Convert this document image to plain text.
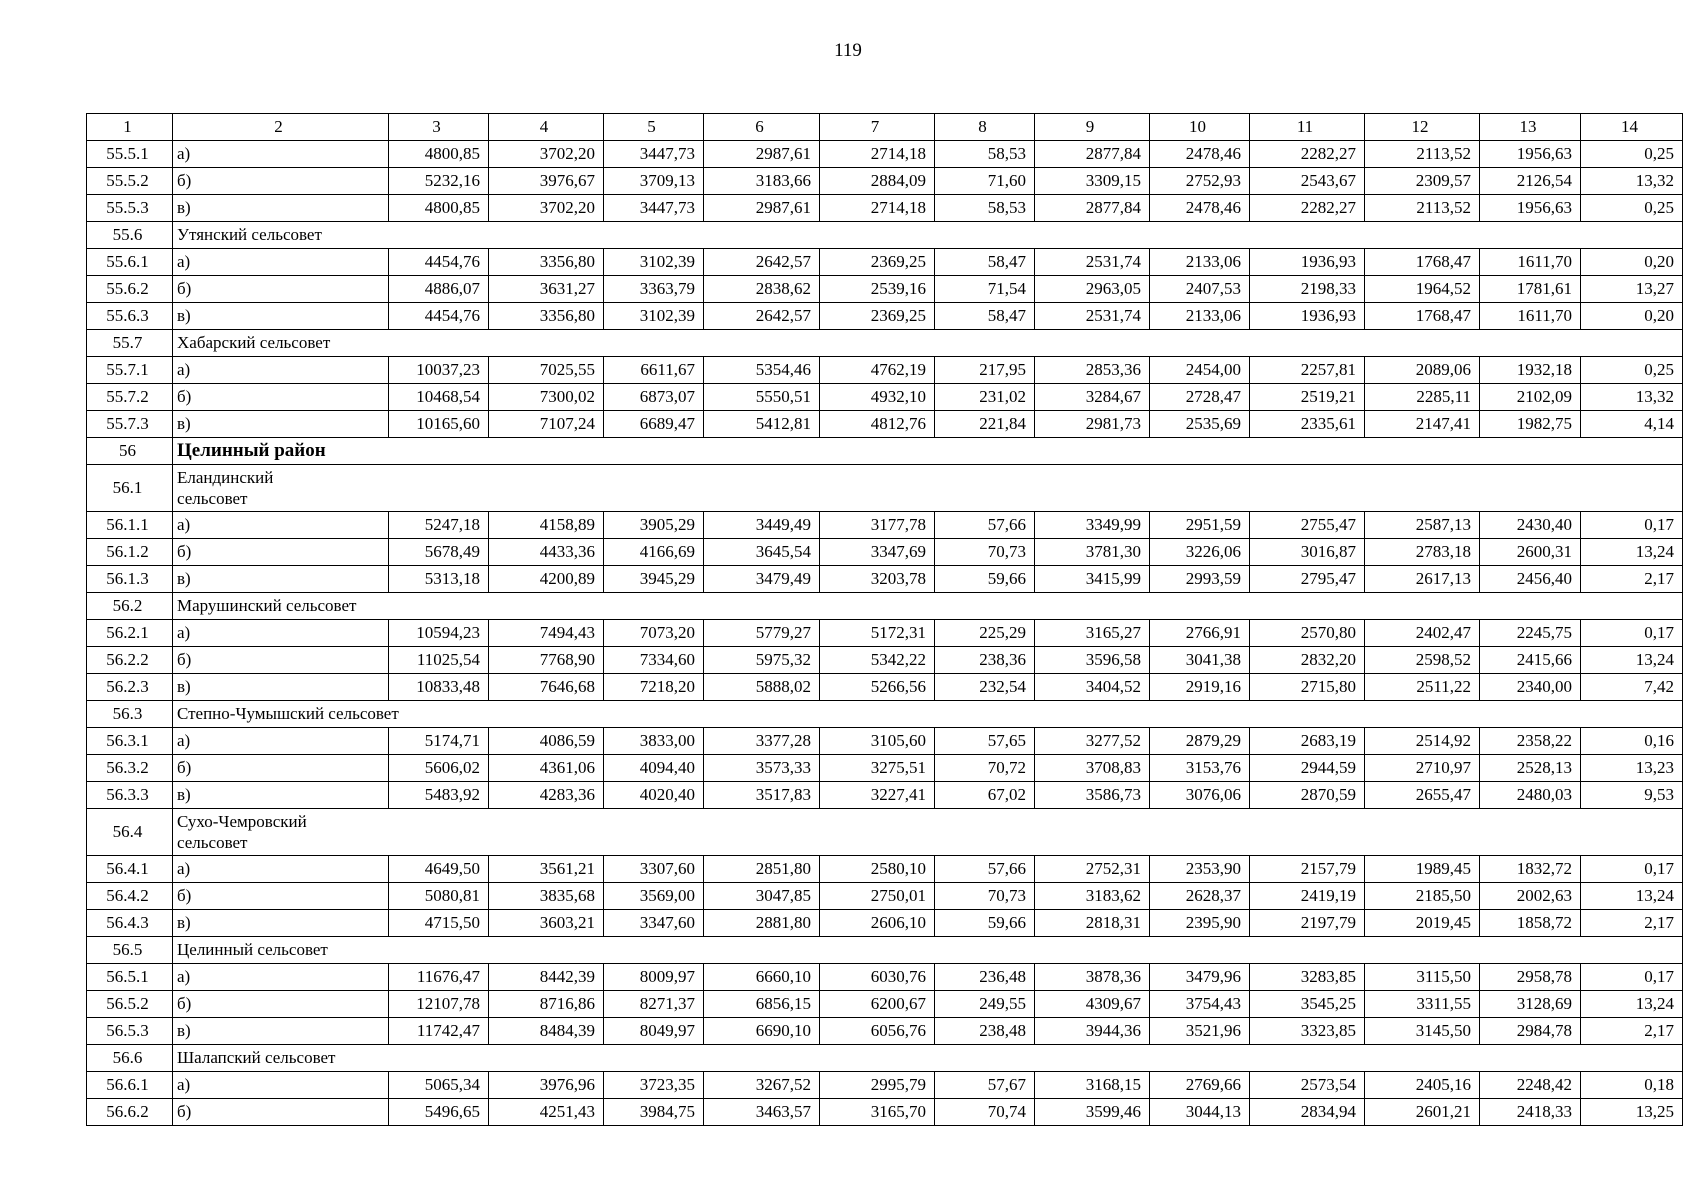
119
1	2	3	4	5	6	7	8	9	10	11	12	13	14
55.5.1	а)	4800,85	3702,20	3447,73	2987,61	2714,18	58,53	2877,84	2478,46	2282,27	2113,52	1956,63	0,25
55.5.2	б)	5232,16	3976,67	3709,13	3183,66	2884,09	71,60	3309,15	2752,93	2543,67	2309,57	2126,54	13,32
55.5.3	в)	4800,85	3702,20	3447,73	2987,61	2714,18	58,53	2877,84	2478,46	2282,27	2113,52	1956,63	0,25
55.6	Утянский сельсовет												
55.6.1	а)	4454,76	3356,80	3102,39	2642,57	2369,25	58,47	2531,74	2133,06	1936,93	1768,47	1611,70	0,20
55.6.2	б)	4886,07	3631,27	3363,79	2838,62	2539,16	71,54	2963,05	2407,53	2198,33	1964,52	1781,61	13,27
55.6.3	в)	4454,76	3356,80	3102,39	2642,57	2369,25	58,47	2531,74	2133,06	1936,93	1768,47	1611,70	0,20
55.7	Хабарский сельсовет												
55.7.1	а)	10037,23	7025,55	6611,67	5354,46	4762,19	217,95	2853,36	2454,00	2257,81	2089,06	1932,18	0,25
55.7.2	б)	10468,54	7300,02	6873,07	5550,51	4932,10	231,02	3284,67	2728,47	2519,21	2285,11	2102,09	13,32
55.7.3	в)	10165,60	7107,24	6689,47	5412,81	4812,76	221,84	2981,73	2535,69	2335,61	2147,41	1982,75	4,14
56	Целинный район												
56.1	Еландинский сельсовет												
56.1.1	а)	5247,18	4158,89	3905,29	3449,49	3177,78	57,66	3349,99	2951,59	2755,47	2587,13	2430,40	0,17
56.1.2	б)	5678,49	4433,36	4166,69	3645,54	3347,69	70,73	3781,30	3226,06	3016,87	2783,18	2600,31	13,24
56.1.3	в)	5313,18	4200,89	3945,29	3479,49	3203,78	59,66	3415,99	2993,59	2795,47	2617,13	2456,40	2,17
56.2	Марушинский сельсовет												
56.2.1	а)	10594,23	7494,43	7073,20	5779,27	5172,31	225,29	3165,27	2766,91	2570,80	2402,47	2245,75	0,17
56.2.2	б)	11025,54	7768,90	7334,60	5975,32	5342,22	238,36	3596,58	3041,38	2832,20	2598,52	2415,66	13,24
56.2.3	в)	10833,48	7646,68	7218,20	5888,02	5266,56	232,54	3404,52	2919,16	2715,80	2511,22	2340,00	7,42
56.3	Степно-Чумышский сельсовет												
56.3.1	а)	5174,71	4086,59	3833,00	3377,28	3105,60	57,65	3277,52	2879,29	2683,19	2514,92	2358,22	0,16
56.3.2	б)	5606,02	4361,06	4094,40	3573,33	3275,51	70,72	3708,83	3153,76	2944,59	2710,97	2528,13	13,23
56.3.3	в)	5483,92	4283,36	4020,40	3517,83	3227,41	67,02	3586,73	3076,06	2870,59	2655,47	2480,03	9,53
56.4	Сухо-Чемровский сельсовет												
56.4.1	а)	4649,50	3561,21	3307,60	2851,80	2580,10	57,66	2752,31	2353,90	2157,79	1989,45	1832,72	0,17
56.4.2	б)	5080,81	3835,68	3569,00	3047,85	2750,01	70,73	3183,62	2628,37	2419,19	2185,50	2002,63	13,24
56.4.3	в)	4715,50	3603,21	3347,60	2881,80	2606,10	59,66	2818,31	2395,90	2197,79	2019,45	1858,72	2,17
56.5	Целинный сельсовет												
56.5.1	а)	11676,47	8442,39	8009,97	6660,10	6030,76	236,48	3878,36	3479,96	3283,85	3115,50	2958,78	0,17
56.5.2	б)	12107,78	8716,86	8271,37	6856,15	6200,67	249,55	4309,67	3754,43	3545,25	3311,55	3128,69	13,24
56.5.3	в)	11742,47	8484,39	8049,97	6690,10	6056,76	238,48	3944,36	3521,96	3323,85	3145,50	2984,78	2,17
56.6	Шалапский сельсовет												
56.6.1	а)	5065,34	3976,96	3723,35	3267,52	2995,79	57,67	3168,15	2769,66	2573,54	2405,16	2248,42	0,18
56.6.2	б)	5496,65	4251,43	3984,75	3463,57	3165,70	70,74	3599,46	3044,13	2834,94	2601,21	2418,33	13,25
